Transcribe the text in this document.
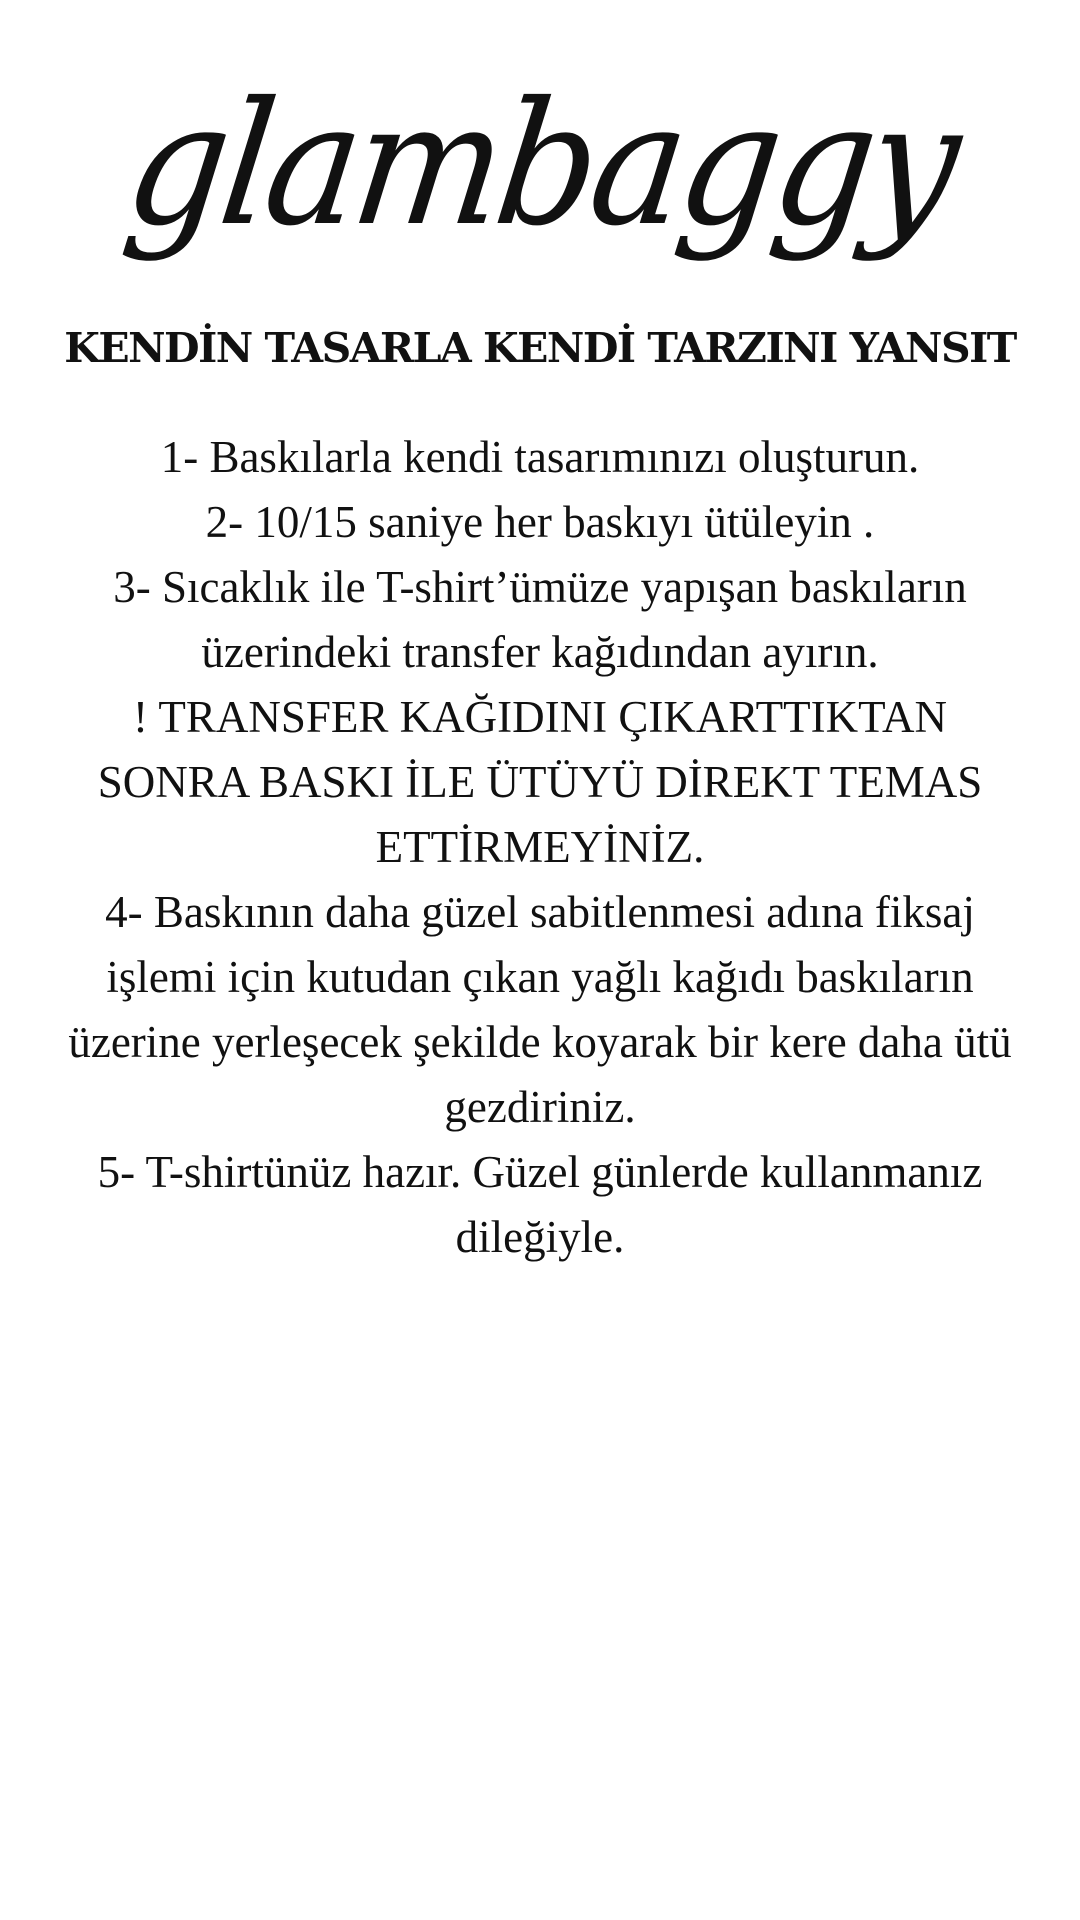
glambaggy
KENDİN TASARLA KENDİ TARZINI YANSIT
1- Baskılarla kendi tasarımınızı oluşturun.
2- 10/15 saniye her baskıyı ütüleyin .
3- Sıcaklık ile T-shirt’ümüze yapışan baskıların
üzerindeki transfer kağıdından ayırın.
! TRANSFER KAĞIDINI ÇIKARTTIKTAN
SONRA BASKI İLE ÜTÜYÜ DİREKT TEMAS
ETTİRMEYİNİZ.
4- Baskının daha güzel sabitlenmesi adına fiksaj
işlemi için kutudan çıkan yağlı kağıdı baskıların
üzerine yerleşecek şekilde koyarak bir kere daha ütü
gezdiriniz.
5- T-shirtünüz hazır. Güzel günlerde kullanmanız
dileğiyle.
